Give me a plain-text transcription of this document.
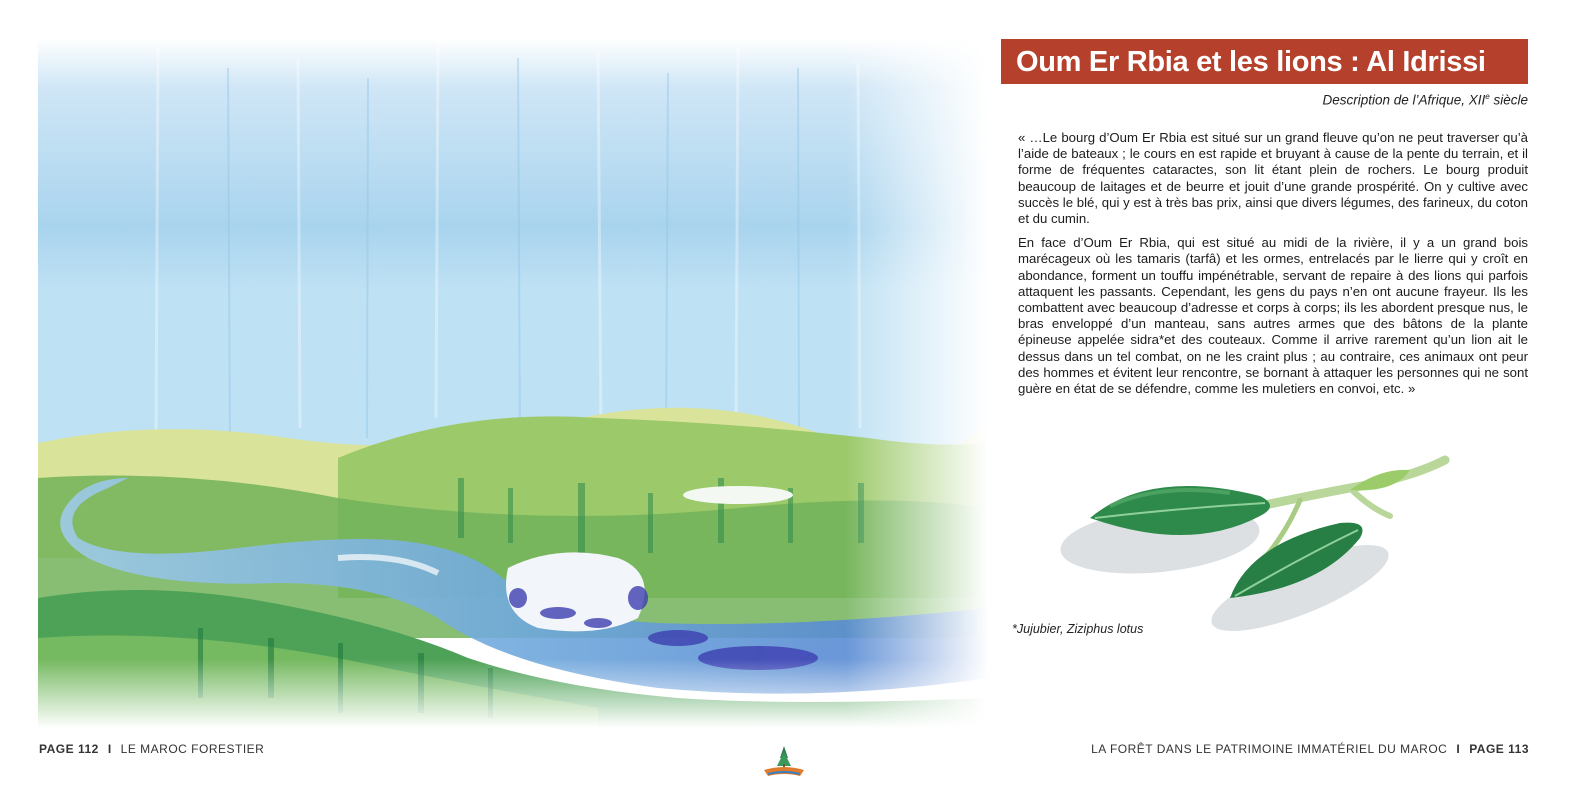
Oum Er Rbia et les lions : Al Idrissi
Description de l’Afrique, XIIe siècle

« …Le bourg d’Oum Er Rbia est situé sur un grand fleuve qu’on ne peut traverser qu’à l’aide de bateaux ; le cours en est rapide et bruyant à cause de la pente du terrain, et il forme de fréquentes cataractes, son lit étant plein de rochers. Le bourg produit beaucoup de laitages et de beurre et jouit d’une grande prospérité. On y cultive avec succès le blé, qui y est à très bas prix, ainsi que divers légumes, des farineux, du coton et du cumin.

En face d’Oum Er Rbia, qui est situé au midi de la rivière, il y a un grand bois marécageux où les tamaris (tarfâ) et les ormes, entrelacés par le lierre qui y croît en abondance, forment un touffu impénétrable, servant de repaire à des lions qui parfois attaquent les passants. Cependant, les gens du pays n’en ont aucune frayeur. Ils les combattent avec beaucoup d’adresse et corps à corps; ils les abordent presque nus, le bras enveloppé d’un manteau, sans autres armes que des bâtons de la plante épineuse appelée sidra*et des couteaux. Comme il arrive rarement qu’un lion ait le dessus dans un tel combat, on ne les craint plus ; au contraire, ces animaux ont peur des hommes et évitent leur rencontre, se bornant à attaquer les personnes qui ne sont guère en état de se défendre, comme les muletiers en convoi, etc. »

*Jujubier, Ziziphus lotus
PAGE 112 I LE MAROC FORESTIER	LA FORÊT DANS LE PATRIMOINE IMMATÉRIEL DU MAROC I PAGE 113
